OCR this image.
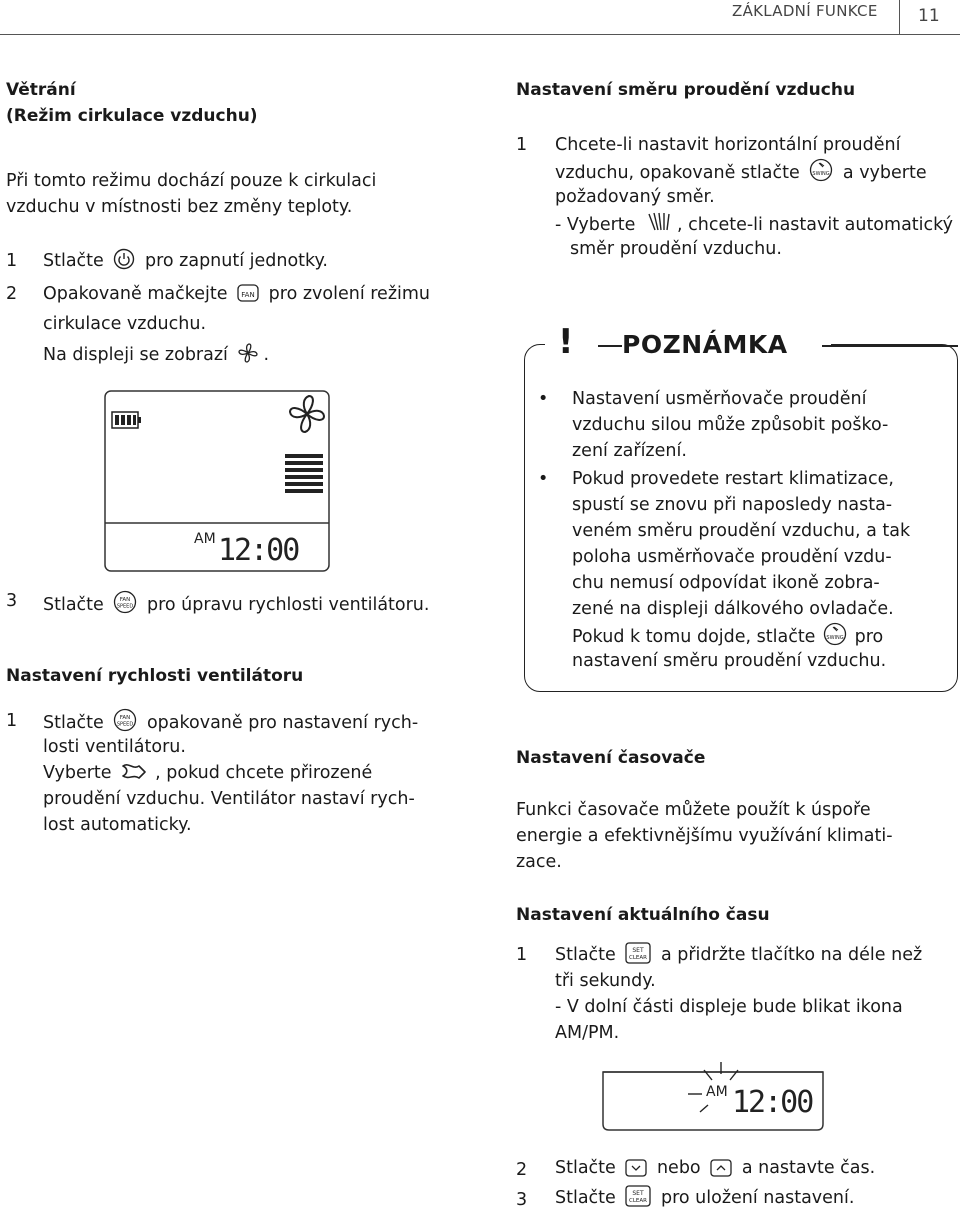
ZÁKLADNÍ FUNKCE 11
Větrání
(Režim cirkulace vzduchu)
Při tomto režimu dochází pouze k cirkulaci
vzduchu v místnosti bez změny teploty.
1 Stlačte pro zapnutí jednotky.
2 Opakovaně mačkejte FAN pro zvolení režimu
cirkulace vzduchu.
Na displeji se zobrazí .
AM 12:00
3 Stlačte	FAN
SPEED pro úpravu rychlosti ventilátoru.
Nastavení rychlosti ventilátoru
1 Stlačte	FAN
SPEED opakovaně pro nastavení rych-
losti ventilátoru.
Vyberte , pokud chcete přirozené
proudění vzduchu. Ventilátor nastaví rych-
lost automaticky.
Nastavení směru proudění vzduchu
1 Chcete-li nastavit horizontální proudění
vzduchu, opakovaně stlačte	SWING a vyberte
požadovaný směr.
- Vyberte , chcete-li nastavit automatický
směr proudění vzduchu.
! POZNÁMKA
• Nastavení usměrňovače proudění
vzduchu silou může způsobit poško-
zení zařízení.
• Pokud provedete restart klimatizace,
spustí se znovu při naposledy nasta-
veném směru proudění vzduchu, a tak
poloha usměrňovače proudění vzdu-
chu nemusí odpovídat ikoně zobra-
zené na displeji dálkového ovladače.
Pokud k tomu dojde, stlačte SWING pro
nastavení směru proudění vzduchu.
Nastavení časovače
Funkci časovače můžete použít k úspoře
energie a efektivnějšímu využívání klimati-
zace.
Nastavení aktuálního času
1 Stlačte	SET
CLEAR a přidržte tlačítko na déle než
tři sekundy.
- V dolní části displeje bude blikat ikona
AM/PM.
AM 12:00
2 Stlačte nebo a nastavte čas.
3 Stlačte	SET
CLEAR pro uložení nastavení.
